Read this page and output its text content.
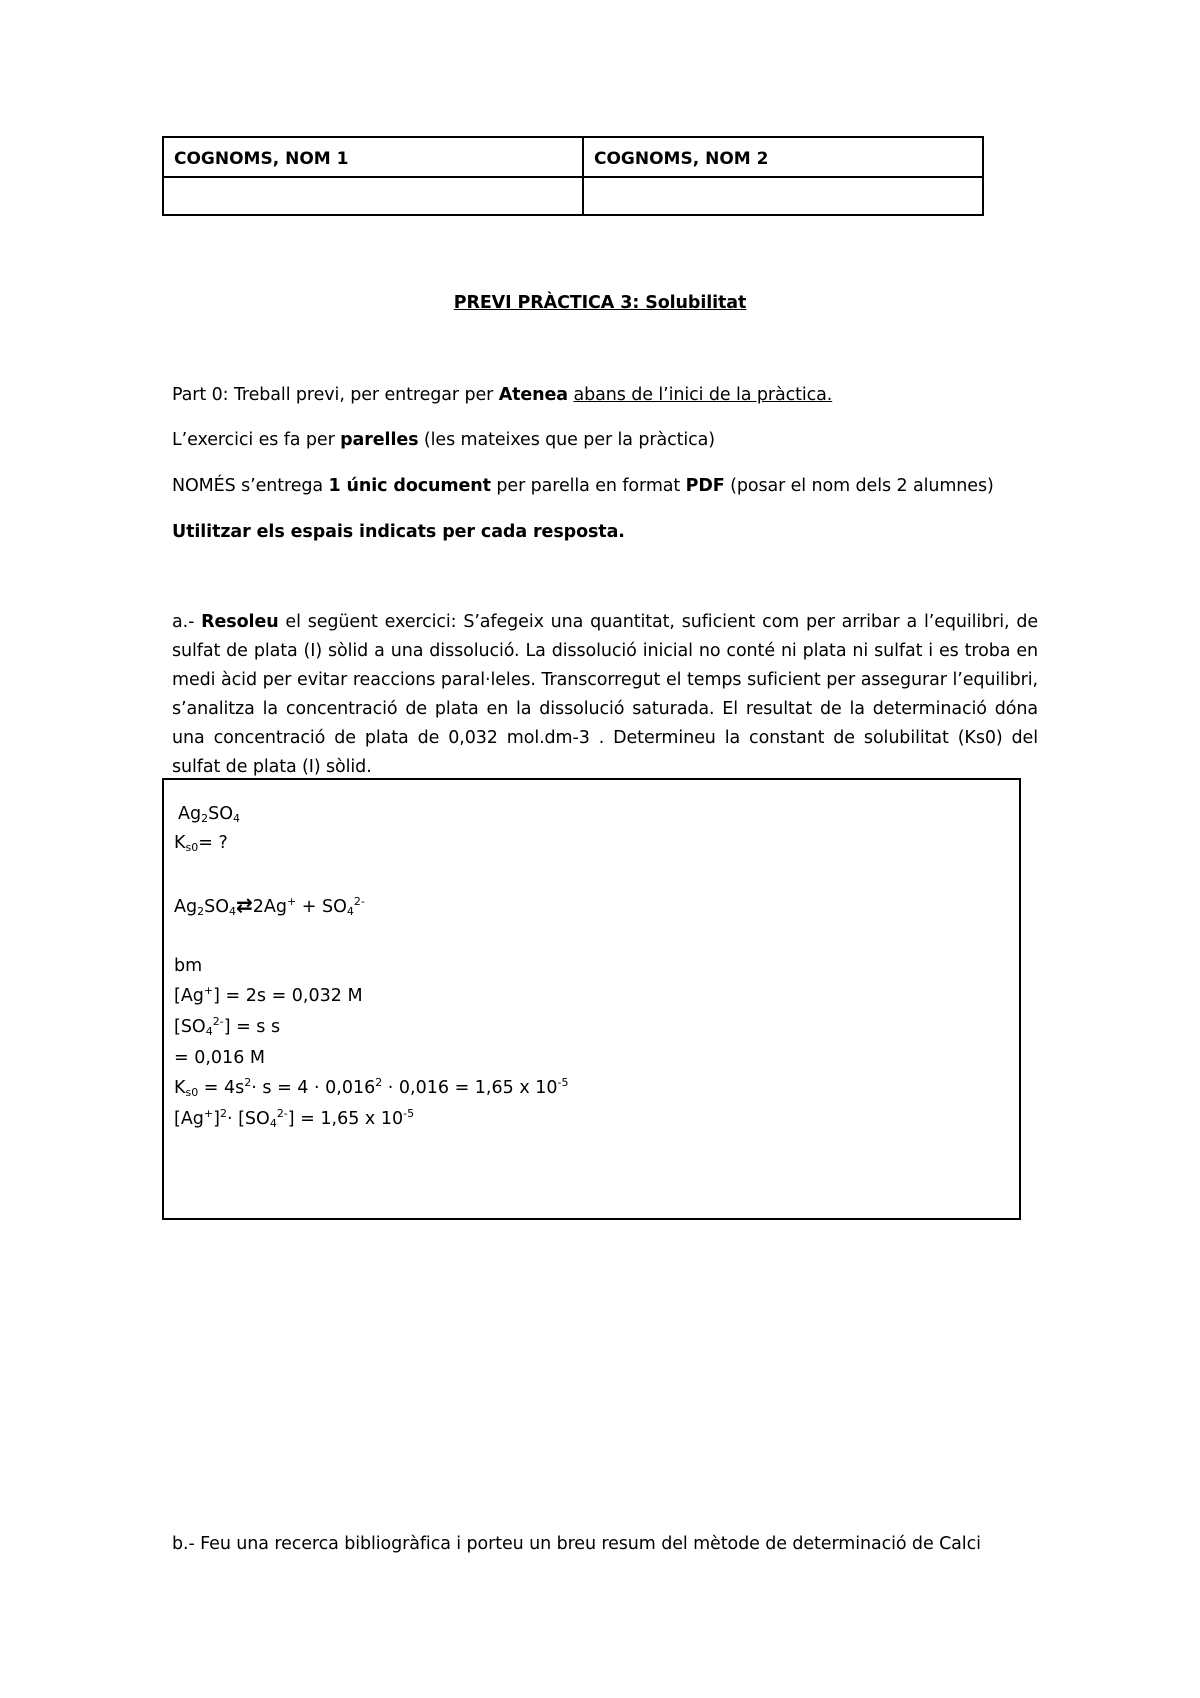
COGNOMS, NOM 1	COGNOMS, NOM 2

PREVI PRÀCTICA 3: Solubilitat
Part 0: Treball previ, per entregar per Atenea abans de l’inici de la pràctica.
L’exercici es fa per parelles (les mateixes que per la pràctica)
NOMÉS s’entrega 1 únic document per parella en format PDF (posar el nom dels 2 alumnes)
Utilitzar els espais indicats per cada resposta.
a.- Resoleu el següent exercici: S’afegeix una quantitat, suficient com per arribar a l’equilibri, de sulfat de plata (I) sòlid a una dissolució. La dissolució inicial no conté ni plata ni sulfat i es troba en medi àcid per evitar reaccions paral·leles. Transcorregut el temps suficient per assegurar l’equilibri, s’analitza la concentració de plata en la dissolució saturada. El resultat de la determinació dóna una concentració de plata de 0,032 mol.dm-3 . Determineu la constant de solubilitat (Ks0) del sulfat de plata (I) sòlid.
$Ag_2SO_4$
$K_{s0}=$ ?
$Ag_2SO_4⇄2Ag^+ + SO_4^{2-}$
bm
[Ag+] = 2s = 0,032 M
$[SO_4^{2-}] = s$ s
= 0,016 M
$K_{s0} = 4s^2\cdot s = 4 \cdot 0,016^2 \cdot 0,016 = 1,65$ x $10^{-5}$
$[Ag^+]^2\cdot [SO_4^{2-}] = 1,65$ x $10^{-5}$
b.- Feu una recerca bibliogràfica i porteu un breu resum del mètode de determinació de Calci
